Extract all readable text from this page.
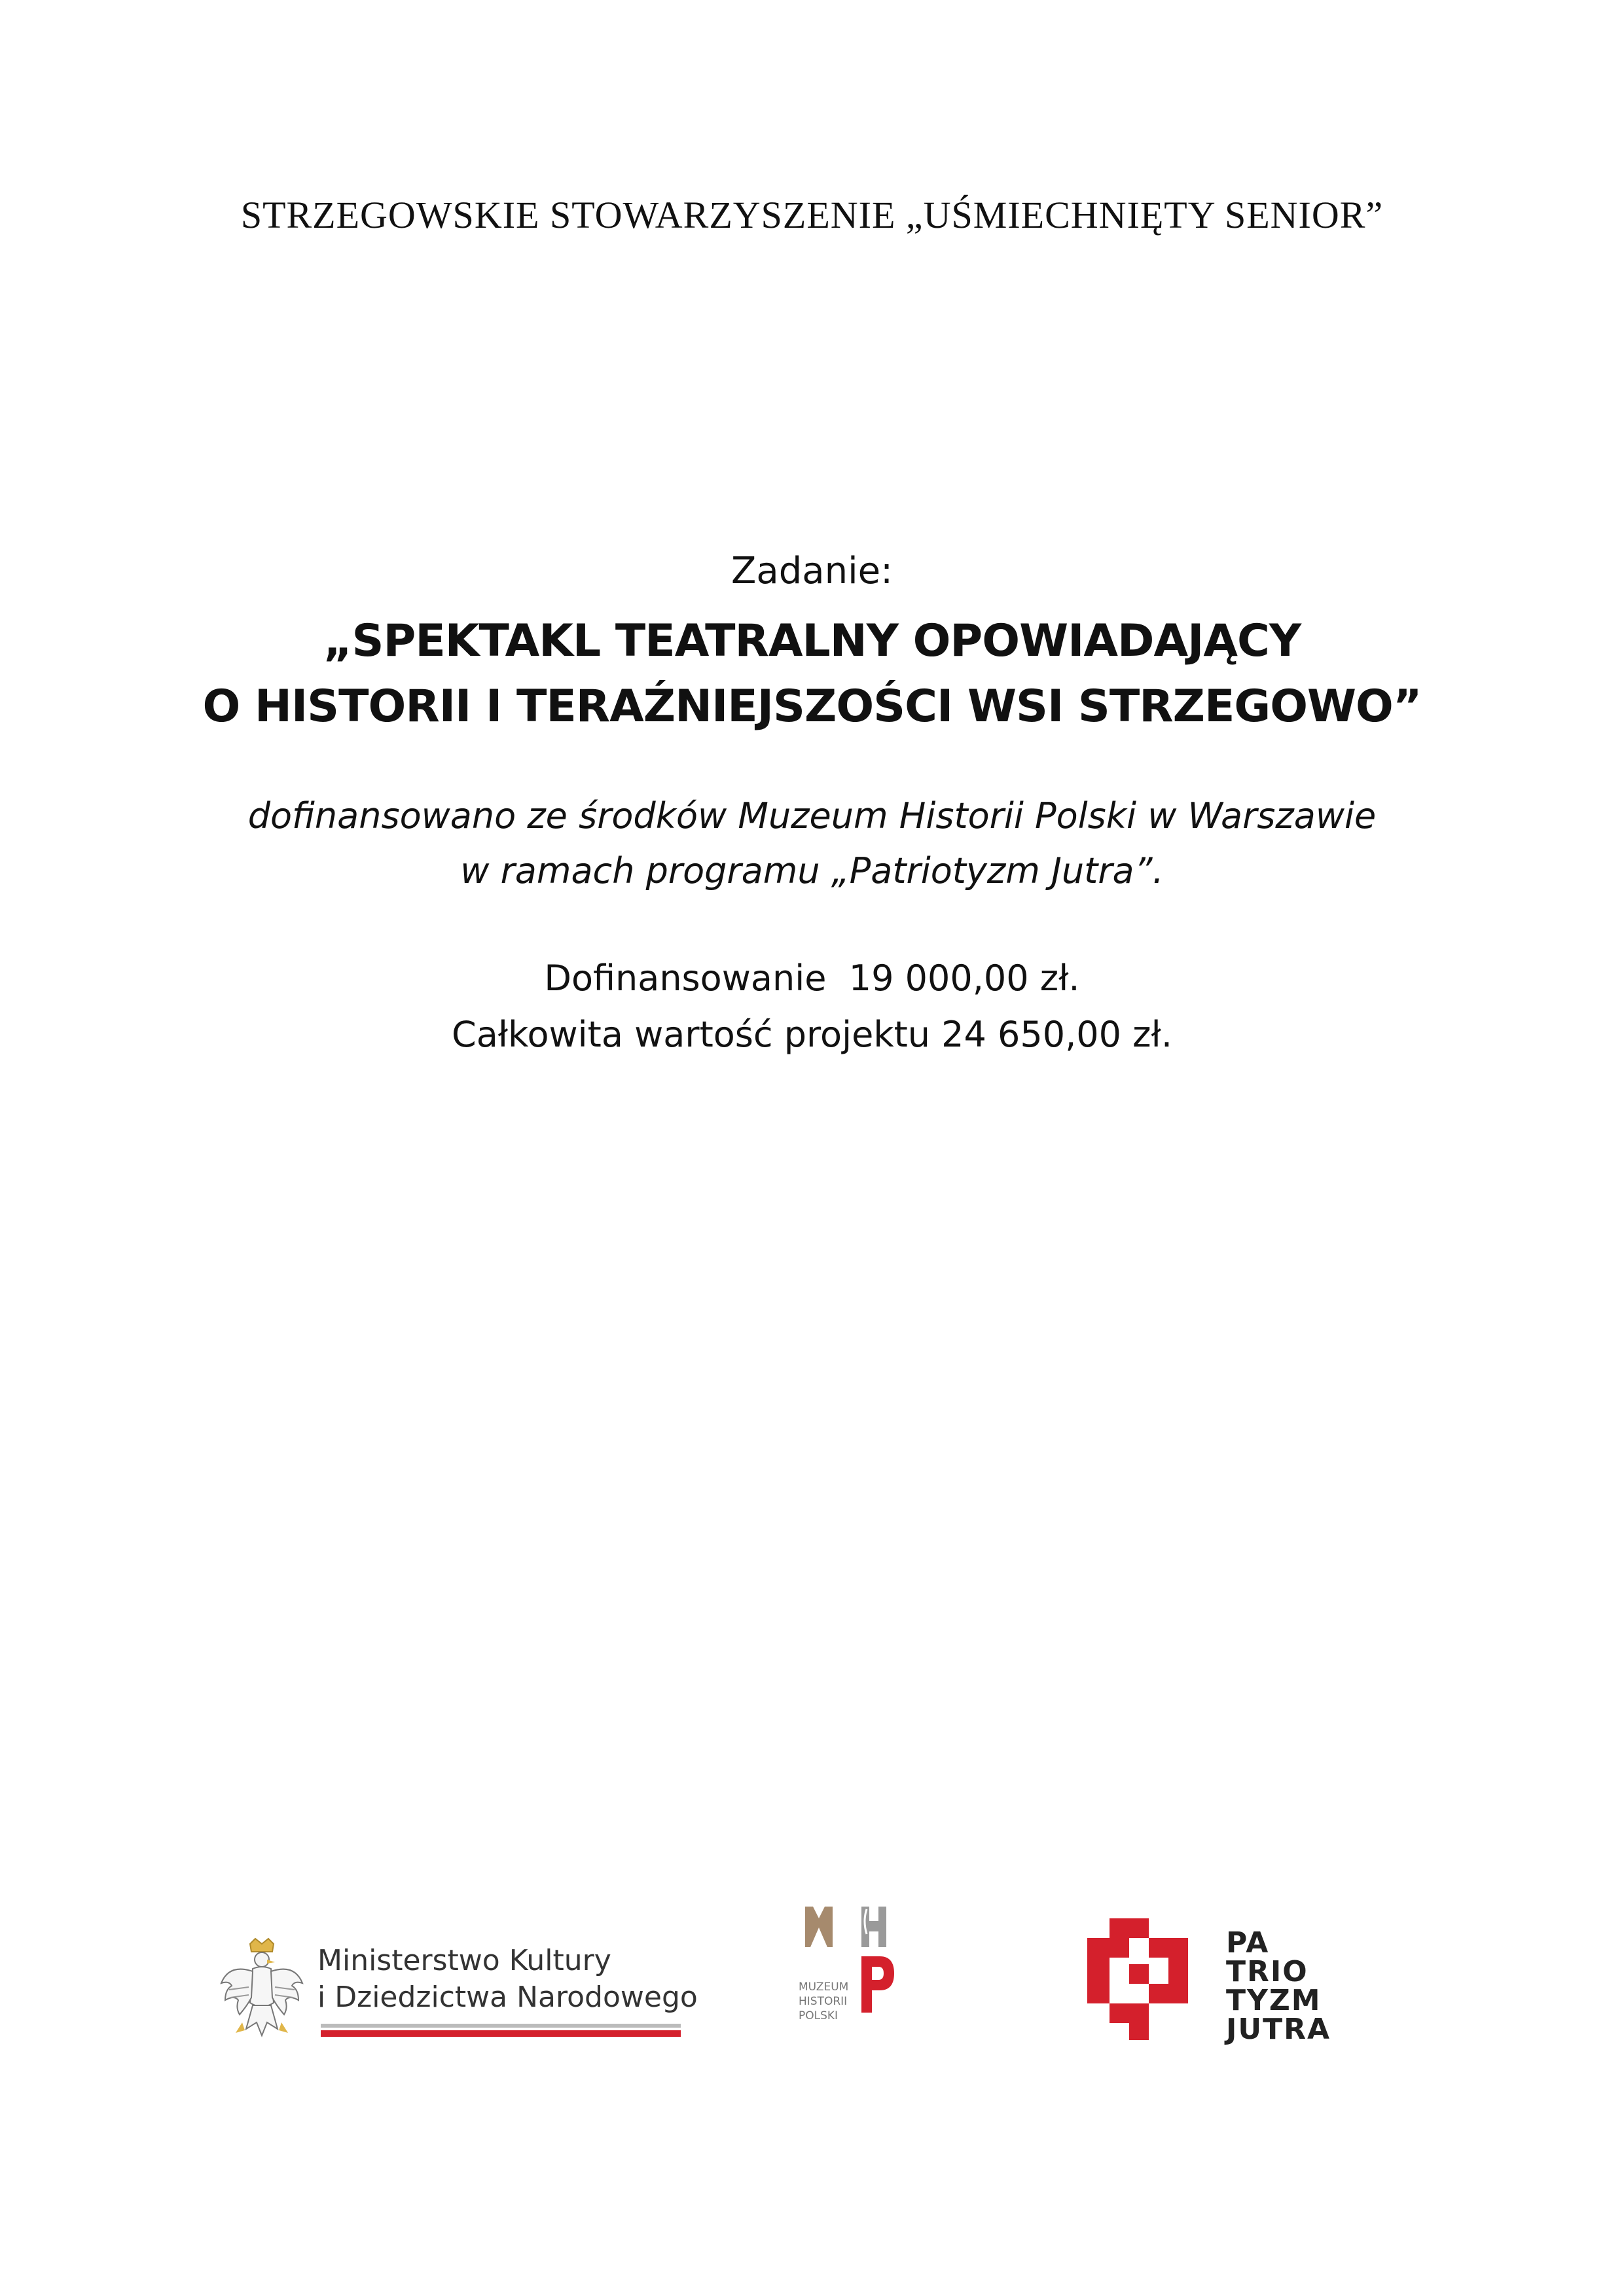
STRZEGOWSKIE STOWARZYSZENIE „UŚMIECHNIĘTY SENIOR”
Zadanie:
„SPEKTAKL TEATRALNY OPOWIADAJĄCY
O HISTORII I TERAŹNIEJSZOŚCI WSI STRZEGOWO”
dofinansowano ze środków Muzeum Historii Polski w Warszawie
w ramach programu „Patriotyzm Jutra”.
Dofinansowanie  19 000,00 zł.
Całkowita wartość projektu 24 650,00 zł.
Ministerstwo Kultury
i Dziedzictwa Narodowego	MUZEUM
HISTORII
POLSKI
PA
TRIO
TYZM
JUTRA
